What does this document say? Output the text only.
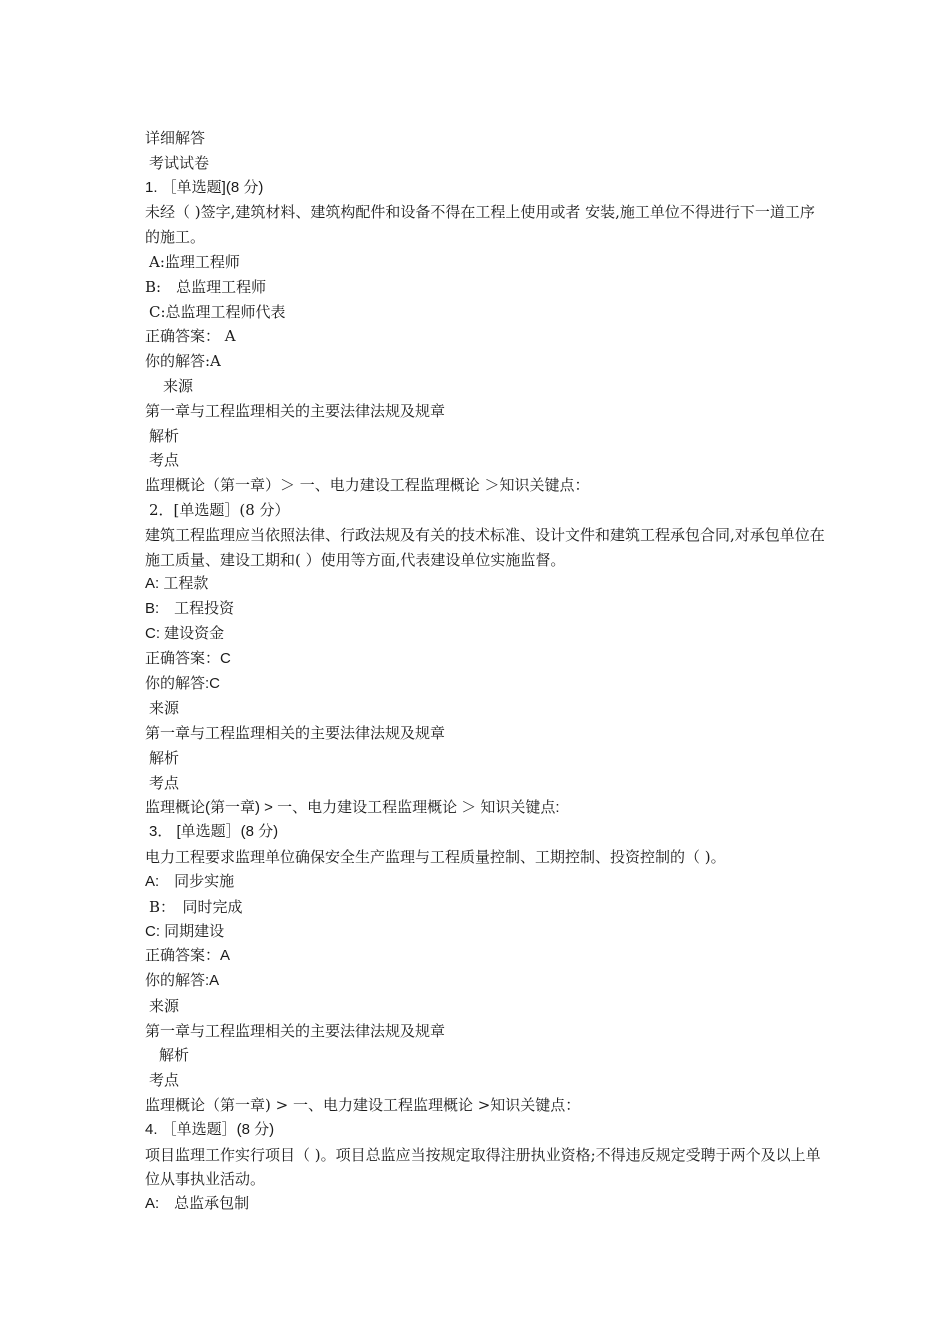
详细解答
考试试卷
1. ［单选题](8 分)
未经（ )签字,建筑材料、建筑构配件和设备不得在工程上使用或者 安装,施工单位不得进行下一道工序的施工。
A:监理工程师
B:　总监理工程师
C:总监理工程师代表
正确答案： A
你的解答:A
来源
第一章与工程监理相关的主要法律法规及规章
解析
考点
监理概论（第一章）＞ 一、电力建设工程监理概论 ＞知识关键点：
2．[单选题］(8 分）
建筑工程监理应当依照法律、行政法规及有关的技术标准、设计文件和建筑工程承包合同,对承包单位在施工质量、建设工期和( ）使用等方面,代表建设单位实施监督。
A: 工程款
B:　工程投资
C: 建设资金
正确答案：C
你的解答:C
来源
第一章与工程监理相关的主要法律法规及规章
解析
考点
监理概论(第一章) > 一、电力建设工程监理概论 ＞ 知识关键点:
3． [单选题］(8 分)
电力工程要求监理单位确保安全生产监理与工程质量控制、工期控制、投资控制的（ )。
A:　同步实施
B：　同时完成
C: 同期建设
正确答案：A
你的解答:A
来源
第一章与工程监理相关的主要法律法规及规章
解析
考点
监理概论（第一章) > 一、电力建设工程监理概论 >知识关键点：
4. ［单选题］(8 分)
项目监理工作实行项目（ )。项目总监应当按规定取得注册执业资格;不得违反规定受聘于两个及以上单位从事执业活动。
A:　总监承包制
